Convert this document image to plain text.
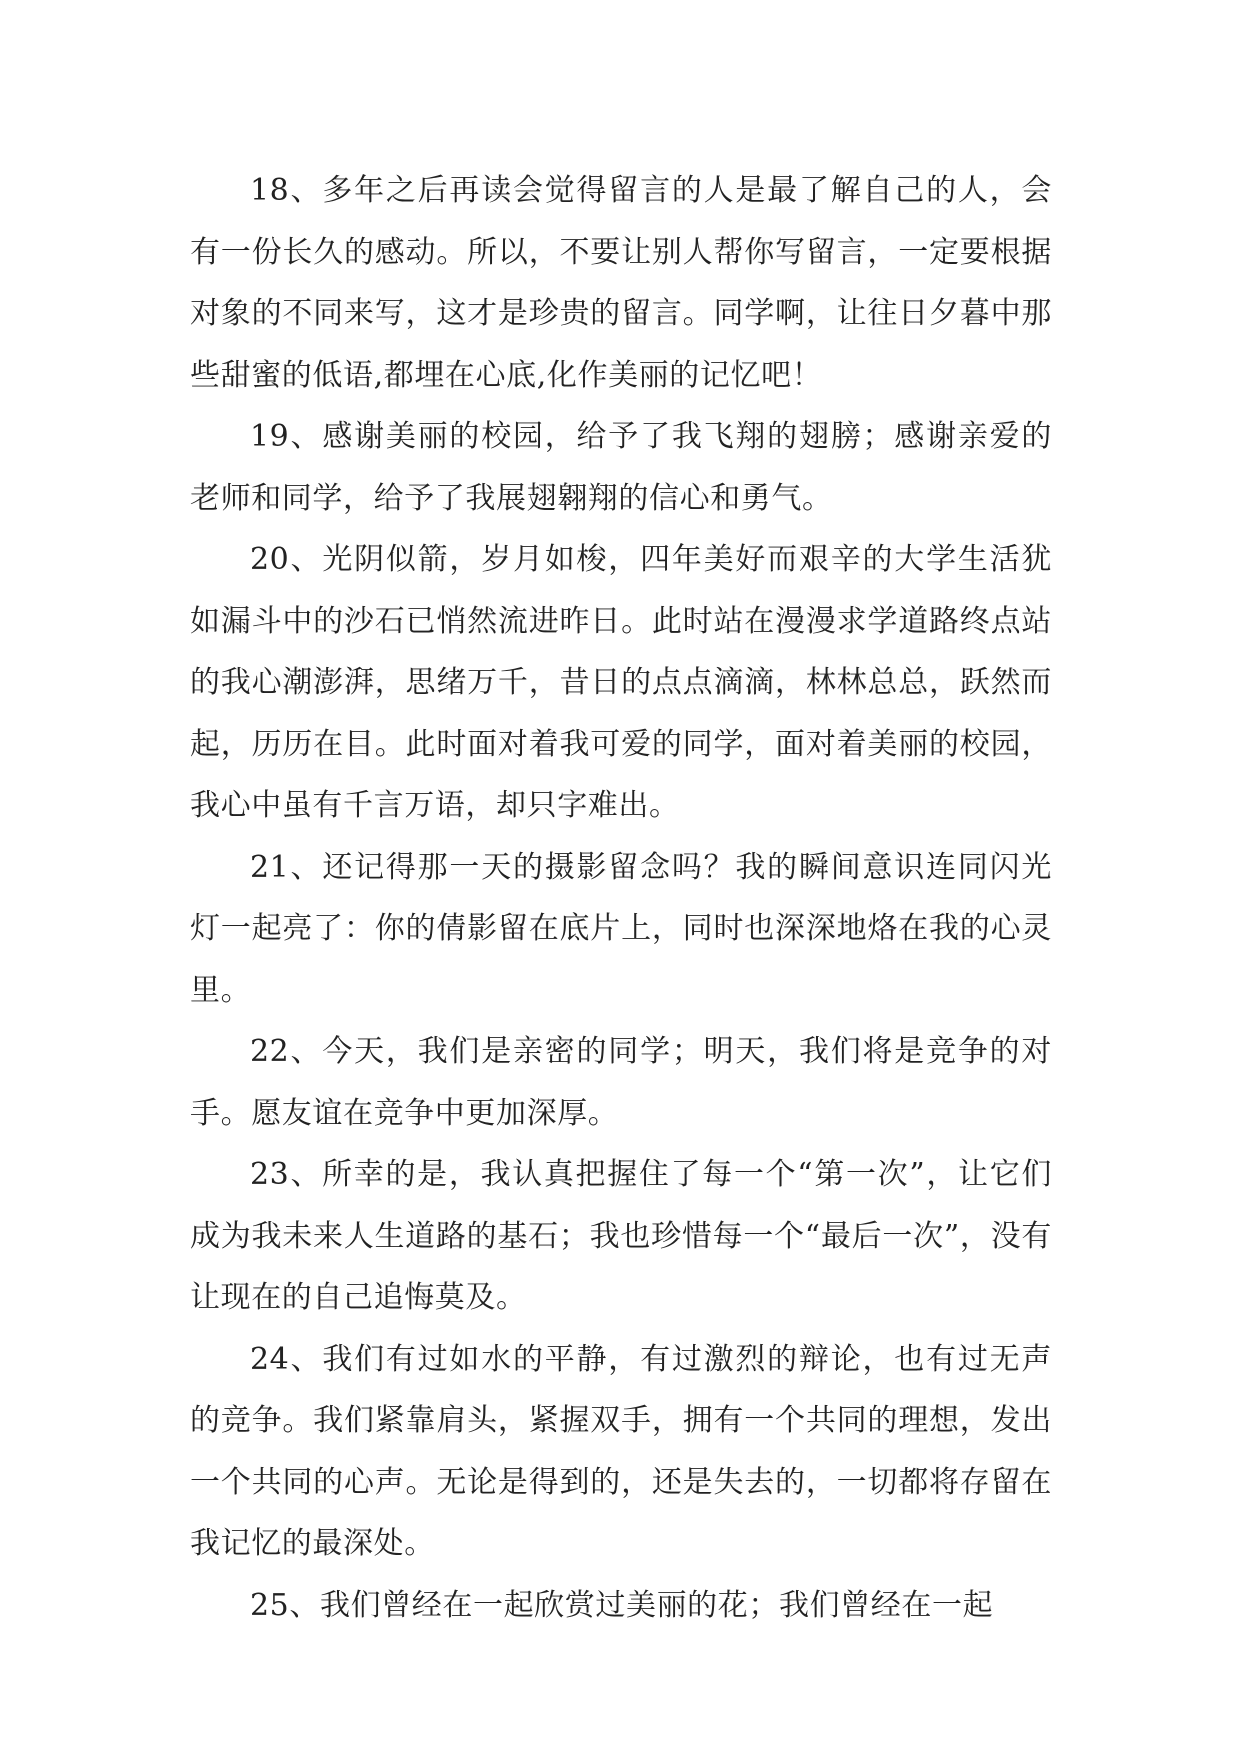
18、多年之后再读会觉得留言的人是最了解自己的人，会有一份长久的感动。所以，不要让别人帮你写留言，一定要根据对象的不同来写，这才是珍贵的留言。同学啊，让往日夕暮中那些甜蜜的低语,都埋在心底,化作美丽的记忆吧！

19、感谢美丽的校园，给予了我飞翔的翅膀；感谢亲爱的老师和同学，给予了我展翅翱翔的信心和勇气。

20、光阴似箭，岁月如梭，四年美好而艰辛的大学生活犹如漏斗中的沙石已悄然流进昨日。此时站在漫漫求学道路终点站的我心潮澎湃，思绪万千，昔日的点点滴滴，林林总总，跃然而起，历历在目。此时面对着我可爱的同学，面对着美丽的校园，我心中虽有千言万语，却只字难出。

21、还记得那一天的摄影留念吗？我的瞬间意识连同闪光灯一起亮了：你的倩影留在底片上，同时也深深地烙在我的心灵里。

22、今天，我们是亲密的同学；明天，我们将是竞争的对手。愿友谊在竞争中更加深厚。

23、所幸的是，我认真把握住了每一个“第一次”，让它们成为我未来人生道路的基石；我也珍惜每一个“最后一次”，没有让现在的自己追悔莫及。

24、我们有过如水的平静，有过激烈的辩论，也有过无声的竞争。我们紧靠肩头，紧握双手，拥有一个共同的理想，发出一个共同的心声。无论是得到的，还是失去的，一切都将存留在我记忆的最深处。

25、我们曾经在一起欣赏过美丽的花；我们曾经在一起
